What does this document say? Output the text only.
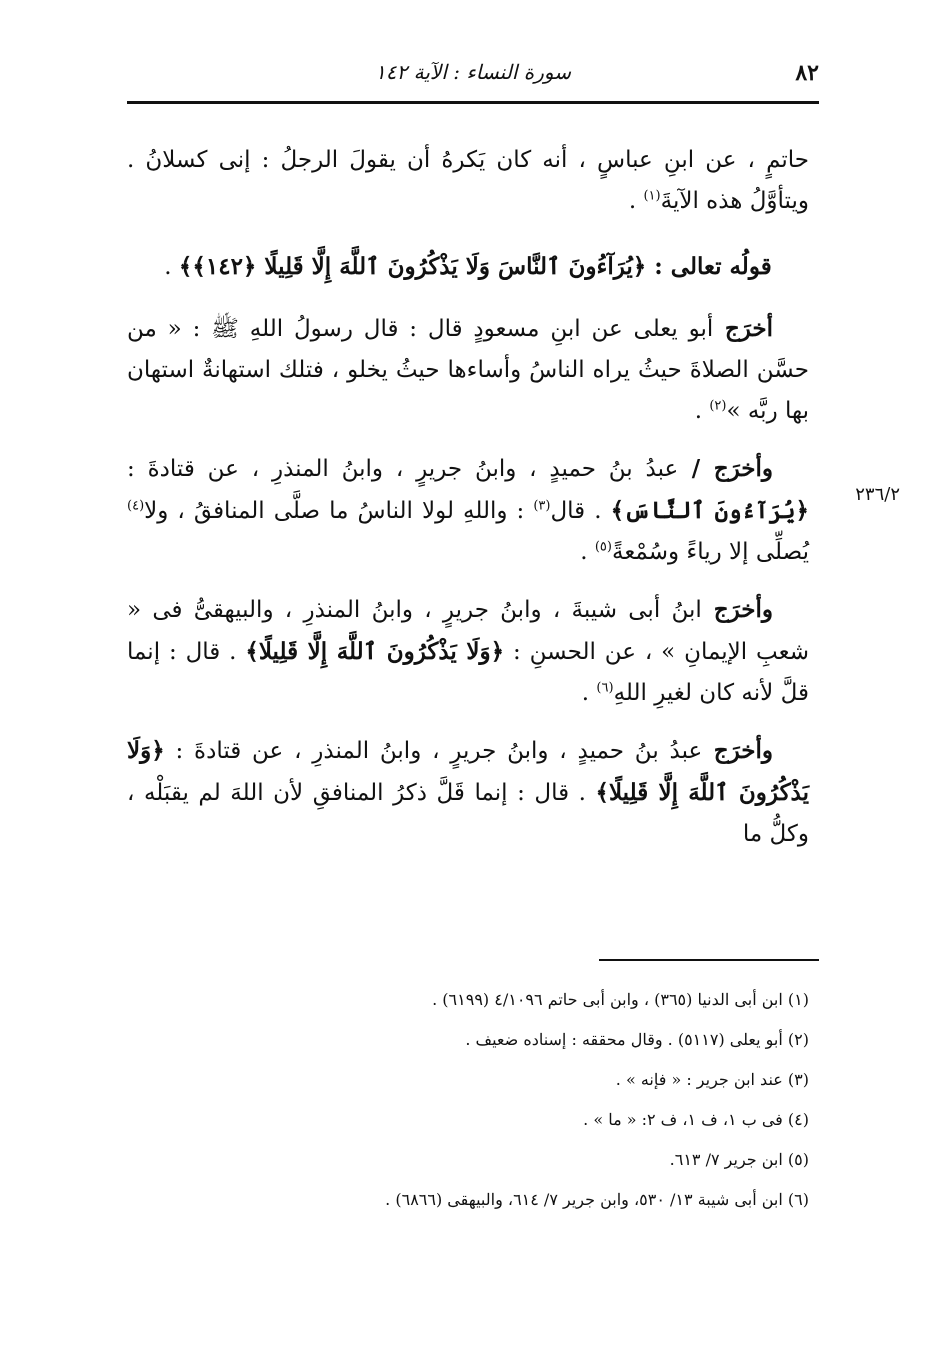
٨٢
سورة النساء : الآية ١٤٢
٢٣٦/٢

حاتمٍ ، عن ابنِ عباسٍ ، أنه كان يَكرهُ أن يقولَ الرجلُ : إنى كسلانُ . ويتأوَّلُ هذه الآيةَ$^{(١)}$ .

قولُه تعالى : ﴿يُرَآءُونَ ٱلنَّاسَ وَلَا يَذْكُرُونَ ٱللَّهَ إِلَّا قَلِيلًا ﴿١٤٢﴾﴾ .

أخرَج أبو يعلى عن ابنِ مسعودٍ قال : قال رسولُ اللهِ ﷺ : « من حسَّن الصلاةَ حيثُ يراه الناسُ وأساءها حيثُ يخلو ، فتلك استهانةٌ استهان بها ربَّه »$^{(٢)}$ .

وأخرَج / عبدُ بنُ حميدٍ ، وابنُ جريرٍ ، وابنُ المنذرِ ، عن قتادةَ : ﴿يُرَآءُونَ ٱلنَّاسَ﴾ . قال$^{(٣)}$ : واللهِ لولا الناسُ ما صلَّى المنافقُ ، ولا$^{(٤)}$ يُصلِّى إلا رياءً وسُمْعةً$^{(٥)}$ .

وأخرَج ابنُ أبى شيبةَ ، وابنُ جريرٍ ، وابنُ المنذرِ ، والبيهقىُّ فى « شعبِ الإيمانِ » ، عن الحسنِ : ﴿وَلَا يَذْكُرُونَ ٱللَّهَ إِلَّا قَلِيلًا﴾ . قال : إنما قلَّ لأنه كان لغيرِ اللهِ$^{(٦)}$ .

وأخرَج عبدُ بنُ حميدٍ ، وابنُ جريرٍ ، وابنُ المنذرِ ، عن قتادةَ : ﴿وَلَا يَذْكُرُونَ ٱللَّهَ إِلَّا قَلِيلًا﴾ . قال : إنما قَلَّ ذكرُ المنافقِ لأن اللهَ لم يقبَلْه ، وكلُّ ما

(١) ابن أبى الدنيا (٣٦٥) ، وابن أبى حاتم ٤/١٠٩٦ (٦١٩٩) .

(٢) أبو يعلى (٥١١٧) . وقال محققه : إسناده ضعيف .

(٣) عند ابن جرير : « فإنه » .

(٤) فى ب ١، ف ١، ف ٢: « ما » .

(٥) ابن جرير ٧/ ٦١٣.

(٦) ابن أبى شيبة ١٣/ ٥٣٠، وابن جرير ٧/ ٦١٤، والبيهقى (٦٨٦٦) .
